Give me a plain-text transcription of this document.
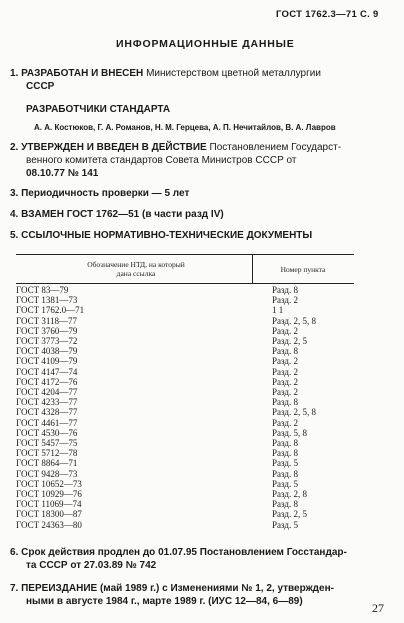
ГОСТ 1762.3—71 С. 9
ИНФОРМАЦИОННЫЕ ДАННЫЕ
1. РАЗРАБОТАН И ВНЕСЕН Министерством цветной металлургии
СССР
РАЗРАБОТЧИКИ СТАНДАРТА
А. А. Костюков, Г. А. Романов, Н. М. Герцева, А. П. Нечитайлов, В. А. Лавров
2. УТВЕРЖДЕН И ВВЕДЕН В ДЕЙСТВИЕ Постановлением Государст-
венного комитета стандартов Совета Министров СССР от
08.10.77 № 141
3. Периодичность проверки — 5 лет
4. ВЗАМЕН ГОСТ 1762—51 (в части разд IV)
5. ССЫЛОЧНЫЕ НОРМАТИВНО-ТЕХНИЧЕСКИЕ ДОКУМЕНТЫ
Обозначение НТД, на который
дана ссылка	Номер пункта
ГОСТ 83—79	Разд. 8
ГОСТ 1381—73	Разд. 2
ГОСТ 1762.0—71	1 1
ГОСТ 3118—77	Разд. 2, 5, 8
ГОСТ 3760—79	Разд. 2
ГОСТ 3773—72	Разд. 2, 5
ГОСТ 4038—79	Разд. 8
ГОСТ 4109—79	Разд. 2
ГОСТ 4147—74	Разд. 2
ГОСТ 4172—76	Разд. 2
ГОСТ 4204—77	Разд. 2
ГОСТ 4233—77	Разд. 8
ГОСТ 4328—77	Разд. 2, 5, 8
ГОСТ 4461—77	Разд. 2
ГОСТ 4530—76	Разд. 5, 8
ГОСТ 5457—75	Разд. 8
ГОСТ 5712—78	Разд. 8
ГОСТ 8864—71	Разд. 5
ГОСТ 9428—73	Разд. 8
ГОСТ 10652—73	Разд. 5
ГОСТ 10929—76	Разд. 2, 8
ГОСТ 11069—74	Разд. 8
ГОСТ 18300—87	Разд. 2, 5
ГОСТ 24363—80	Разд. 5
6. Срок действия продлен до 01.07.95 Постановлением Госстандар-
та СССР от 27.03.89 № 742
7. ПЕРЕИЗДАНИЕ (май 1989 г.) с Изменениями № 1, 2, утвержден-
ными в августе 1984 г., марте 1989 г. (ИУС 12—84, 6—89)	27
